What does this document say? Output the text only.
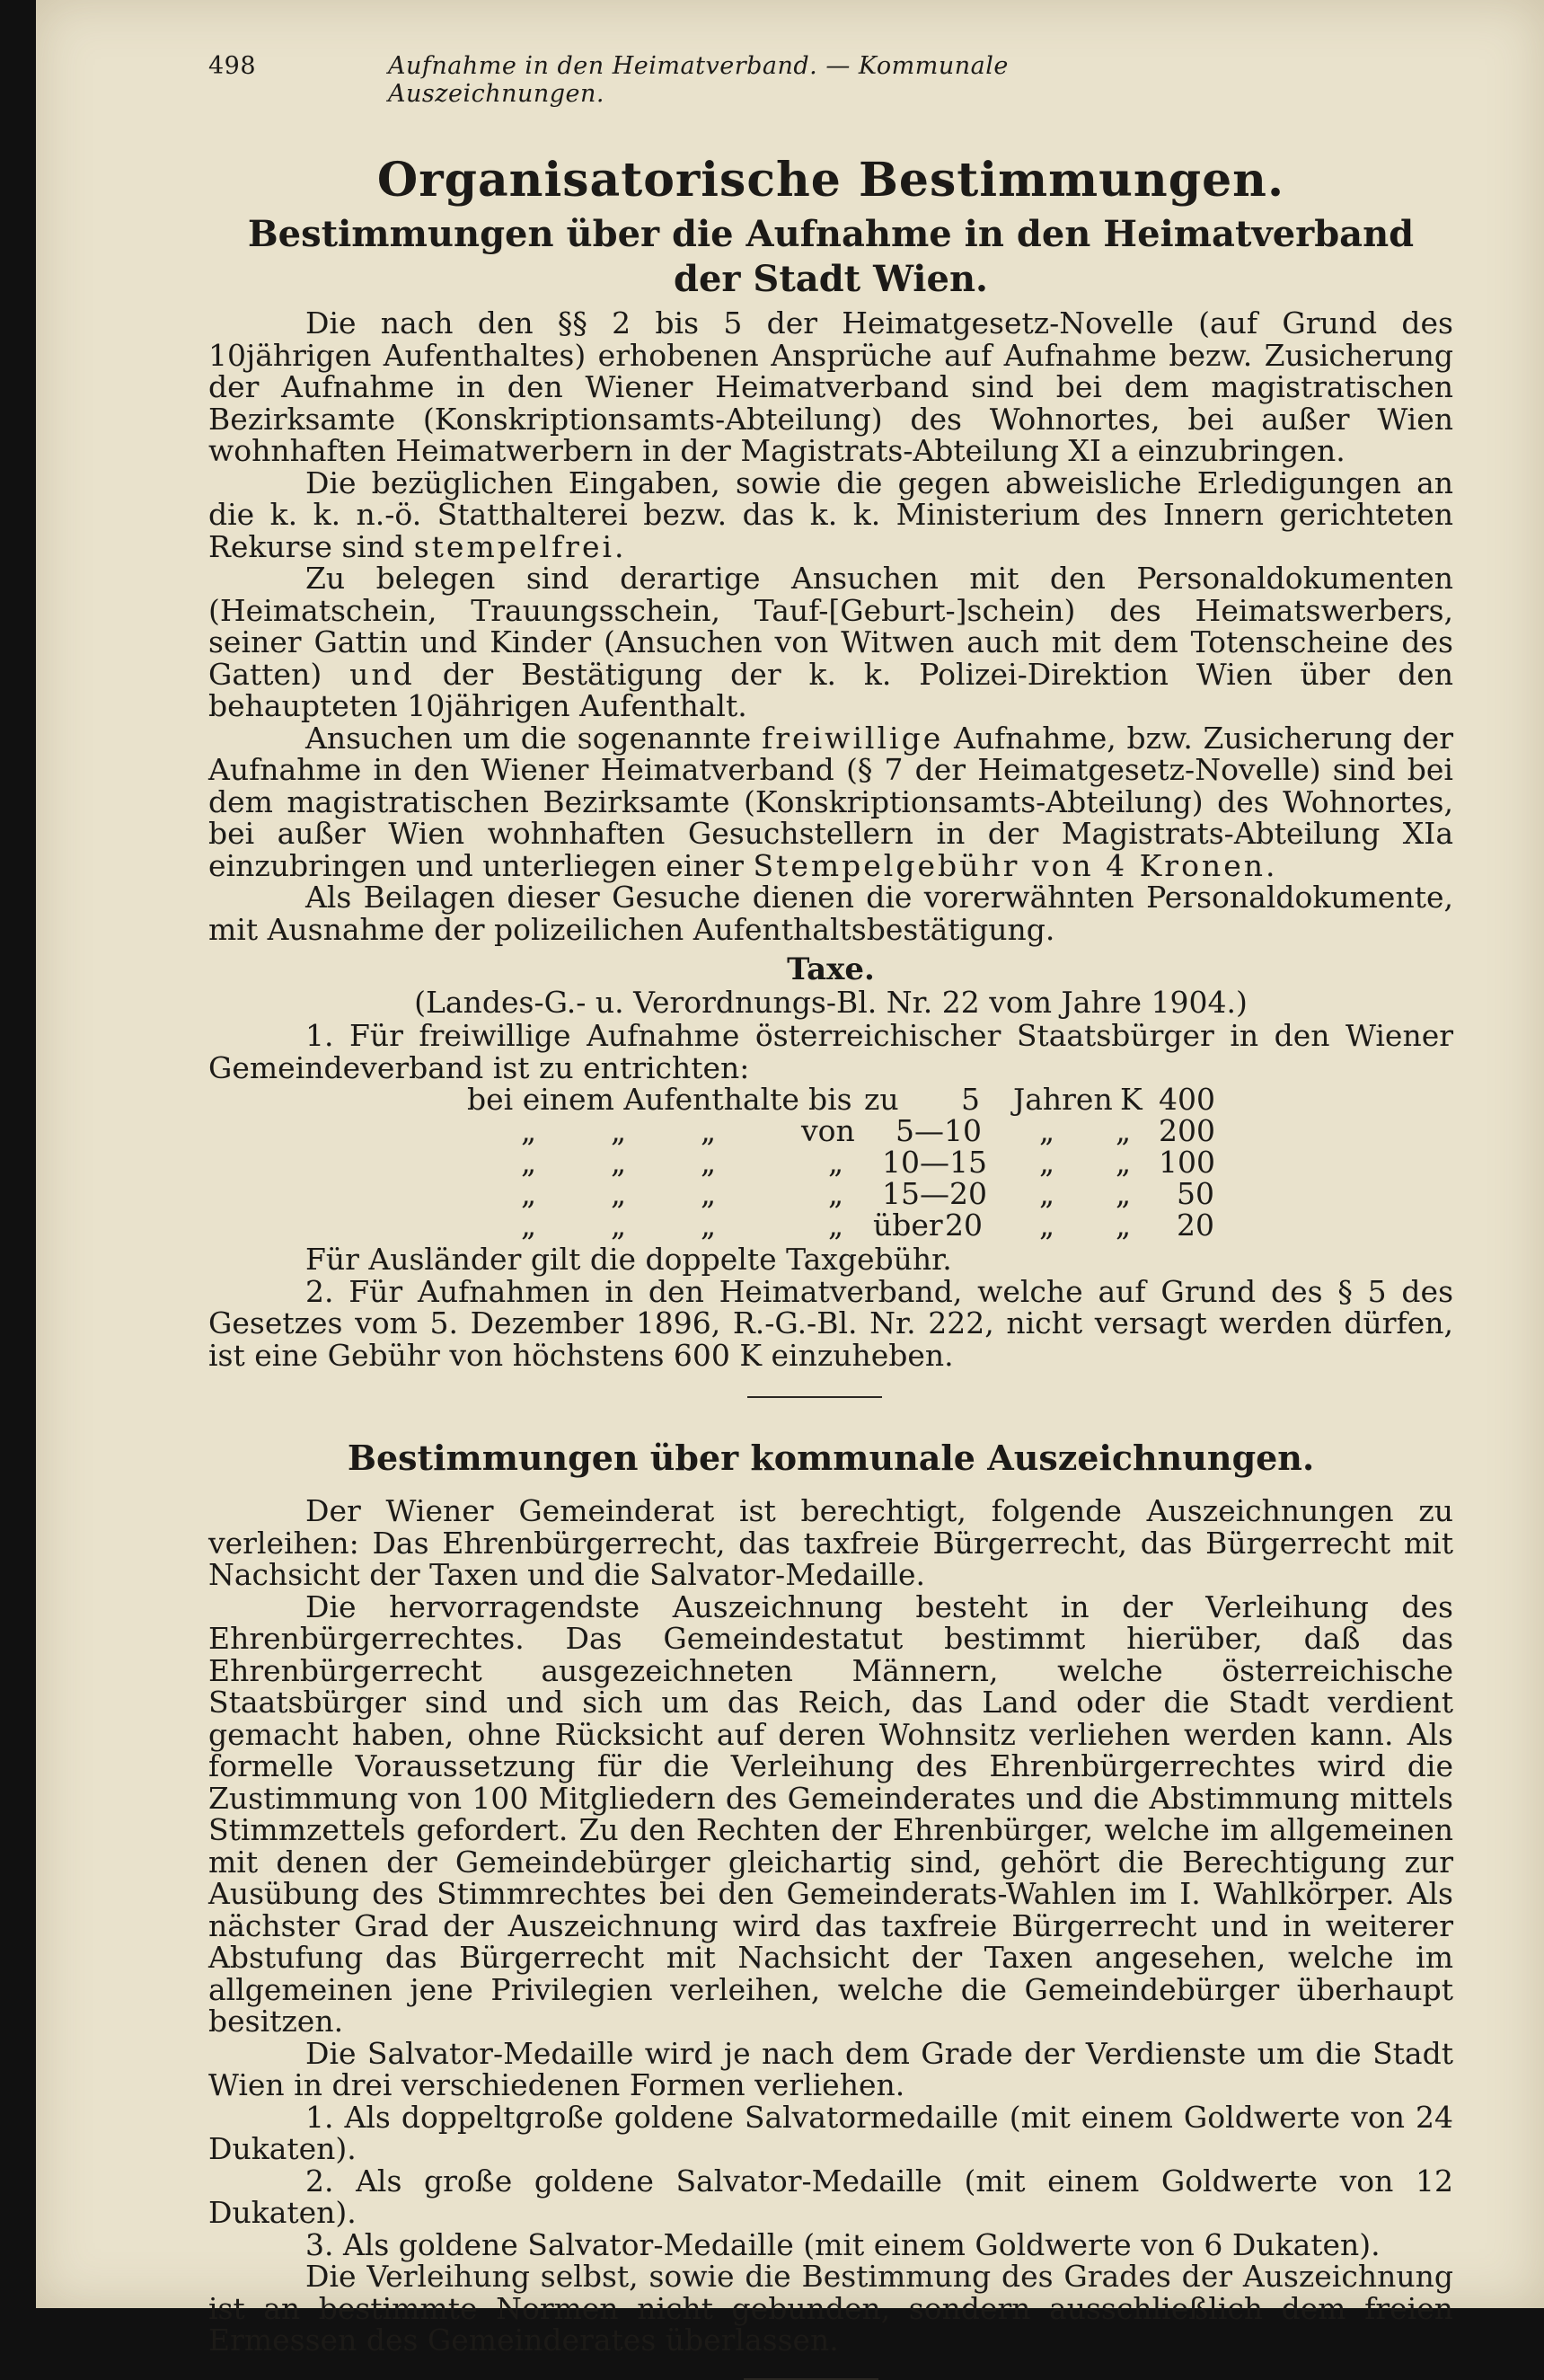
498	Aufnahme in den Heimatverband. — Kommunale Auszeichnungen.
Organisatorische Bestimmungen.
Bestimmungen über die Aufnahme in den Heimatverband der Stadt Wien.

Die nach den §§ 2 bis 5 der Heimatgesetz-Novelle (auf Grund des 10jährigen Aufenthaltes) erhobenen Ansprüche auf Aufnahme bezw. Zusicherung der Aufnahme in den Wiener Heimatverband sind bei dem magistratischen Bezirksamte (Konskriptionsamts-Abteilung) des Wohnortes, bei außer Wien wohnhaften Heimatwerbern in der Magistrats-Abteilung XI a einzubringen.

Die bezüglichen Eingaben, sowie die gegen abweisliche Erledigungen an die k. k. n.-ö. Statthalterei bezw. das k. k. Ministerium des Innern gerichteten Rekurse sind stempelfrei.

Zu belegen sind derartige Ansuchen mit den Personaldokumenten (Heimatschein, Trauungsschein, Tauf-[Geburt-]schein) des Heimatswerbers, seiner Gattin und Kinder (Ansuchen von Witwen auch mit dem Totenscheine des Gatten) und der Bestätigung der k. k. Polizei-Direktion Wien über den behaupteten 10jährigen Aufenthalt.

Ansuchen um die sogenannte freiwillige Aufnahme, bzw. Zusicherung der Aufnahme in den Wiener Heimatverband (§ 7 der Heimatgesetz-Novelle) sind bei dem magistratischen Bezirksamte (Konskriptionsamts-Abteilung) des Wohnortes, bei außer Wien wohnhaften Gesuchstellern in der Magistrats-Abteilung XIa einzubringen und unterliegen einer Stempelgebühr von 4 Kronen.

Als Beilagen dieser Gesuche dienen die vorerwähnten Personaldokumente, mit Ausnahme der polizeilichen Aufenthaltsbestätigung.

Taxe.
(Landes-G.- u. Verordnungs-Bl. Nr. 22 vom Jahre 1904.)

1. Für freiwillige Aufnahme österreichischer Staatsbürger in den Wiener Gemeindeverband ist zu entrichten:

bei einem Aufenthalte bis zu 5 Jahren K 400
„	„	„	von 5—10 „ „ 200
„	„	„	„ 10—15 „ „ 100
„	„	„	„ 15—20 „ „ 50
„	„	„	„ über 20 „ „ 20

Für Ausländer gilt die doppelte Taxgebühr.

2. Für Aufnahmen in den Heimatverband, welche auf Grund des § 5 des Gesetzes vom 5. Dezember 1896, R.-G.-Bl. Nr. 222, nicht versagt werden dürfen, ist eine Gebühr von höchstens 600 K einzuheben.

Bestimmungen über kommunale Auszeichnungen.

Der Wiener Gemeinderat ist berechtigt, folgende Auszeichnungen zu verleihen: Das Ehrenbürgerrecht, das taxfreie Bürgerrecht, das Bürgerrecht mit Nachsicht der Taxen und die Salvator-Medaille.

Die hervorragendste Auszeichnung besteht in der Verleihung des Ehrenbürgerrechtes. Das Gemeindestatut bestimmt hierüber, daß das Ehrenbürgerrecht ausgezeichneten Männern, welche österreichische Staatsbürger sind und sich um das Reich, das Land oder die Stadt verdient gemacht haben, ohne Rücksicht auf deren Wohnsitz verliehen werden kann. Als formelle Voraussetzung für die Verleihung des Ehrenbürgerrechtes wird die Zustimmung von 100 Mitgliedern des Gemeinderates und die Abstimmung mittels Stimmzettels gefordert. Zu den Rechten der Ehrenbürger, welche im allgemeinen mit denen der Gemeindebürger gleichartig sind, gehört die Berechtigung zur Ausübung des Stimmrechtes bei den Gemeinderats-Wahlen im I. Wahlkörper. Als nächster Grad der Auszeichnung wird das taxfreie Bürgerrecht und in weiterer Abstufung das Bürgerrecht mit Nachsicht der Taxen angesehen, welche im allgemeinen jene Privilegien verleihen, welche die Gemeindebürger überhaupt besitzen.

Die Salvator-Medaille wird je nach dem Grade der Verdienste um die Stadt Wien in drei verschiedenen Formen verliehen.

1. Als doppeltgroße goldene Salvatormedaille (mit einem Goldwerte von 24 Dukaten).

2. Als große goldene Salvator-Medaille (mit einem Goldwerte von 12 Dukaten).

3. Als goldene Salvator-Medaille (mit einem Goldwerte von 6 Dukaten).

Die Verleihung selbst, sowie die Bestimmung des Grades der Auszeichnung ist an bestimmte Normen nicht gebunden, sondern ausschließlich dem freien Ermessen des Gemeinderates überlassen.
